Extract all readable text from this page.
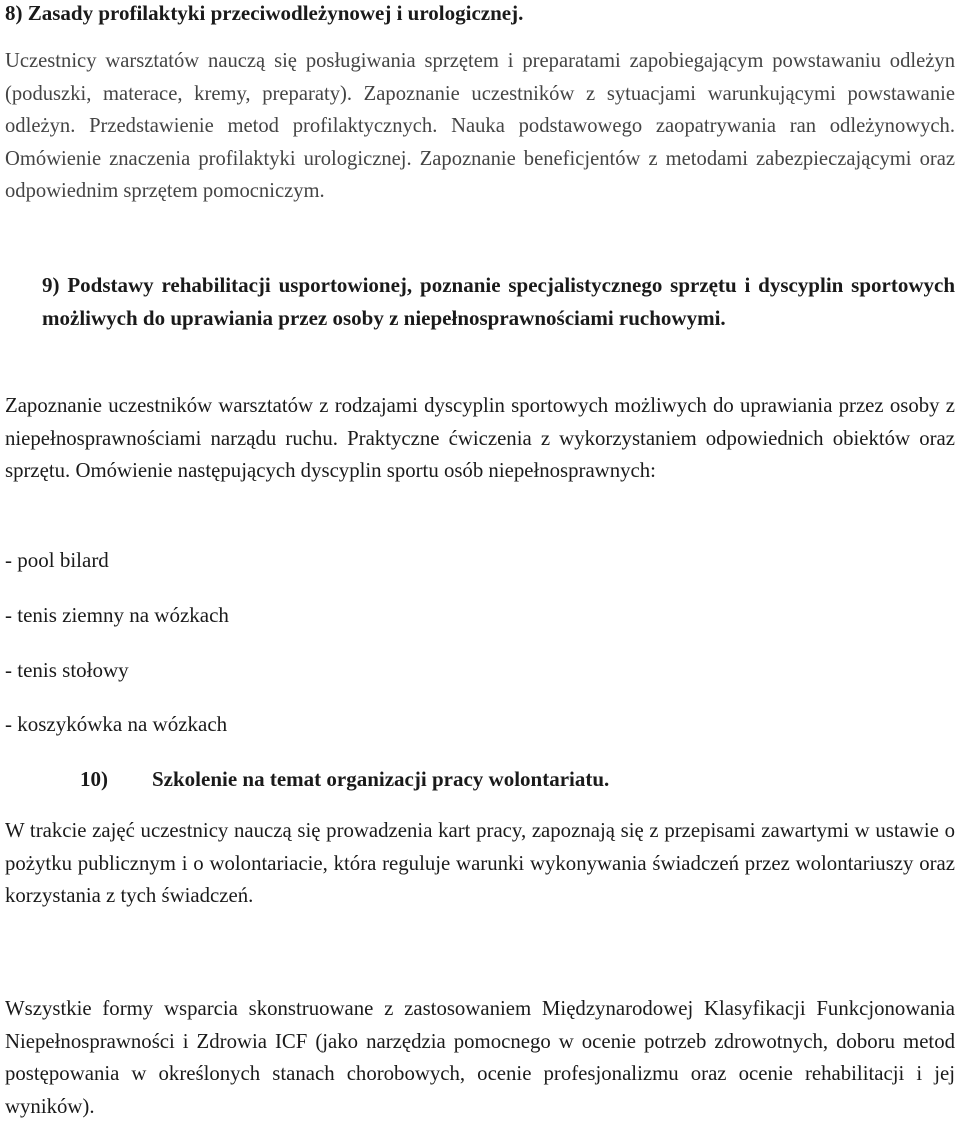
8) Zasady profilaktyki przeciwodleżynowej i urologicznej.

Uczestnicy warsztatów nauczą się posługiwania sprzętem i preparatami zapobiegającym powstawaniu odleżyn (poduszki, materace, kremy, preparaty). Zapoznanie uczestników z sytuacjami warunkującymi powstawanie odleżyn. Przedstawienie metod profilaktycznych. Nauka podstawowego zaopatrywania ran odleżynowych. Omówienie znaczenia profilaktyki urologicznej. Zapoznanie beneficjentów z metodami zabezpieczającymi oraz odpowiednim sprzętem pomocniczym.

9) Podstawy rehabilitacji usportowionej, poznanie specjalistycznego sprzętu i dyscyplin sportowych możliwych do uprawiania przez osoby z niepełnosprawnościami ruchowymi.

Zapoznanie uczestników warsztatów z rodzajami dyscyplin sportowych możliwych do uprawiania przez osoby z niepełnosprawnościami narządu ruchu. Praktyczne ćwiczenia z wykorzystaniem odpowiednich obiektów oraz sprzętu. Omówienie następujących dyscyplin sportu osób niepełnosprawnych:

- pool bilard
- tenis ziemny na wózkach
- tenis stołowy
- koszykówka na wózkach
10) Szkolenie na temat organizacji pracy wolontariatu.

W trakcie zajęć uczestnicy nauczą się prowadzenia kart pracy, zapoznają się z przepisami zawartymi w ustawie o pożytku publicznym i o wolontariacie, która reguluje warunki wykonywania świadczeń przez wolontariuszy oraz korzystania z tych świadczeń.

Wszystkie formy wsparcia skonstruowane z zastosowaniem Międzynarodowej Klasyfikacji Funkcjonowania Niepełnosprawności i Zdrowia ICF (jako narzędzia pomocnego w ocenie potrzeb zdrowotnych, doboru metod postępowania w określonych stanach chorobowych, ocenie profesjonalizmu oraz ocenie rehabilitacji i jej wyników).
